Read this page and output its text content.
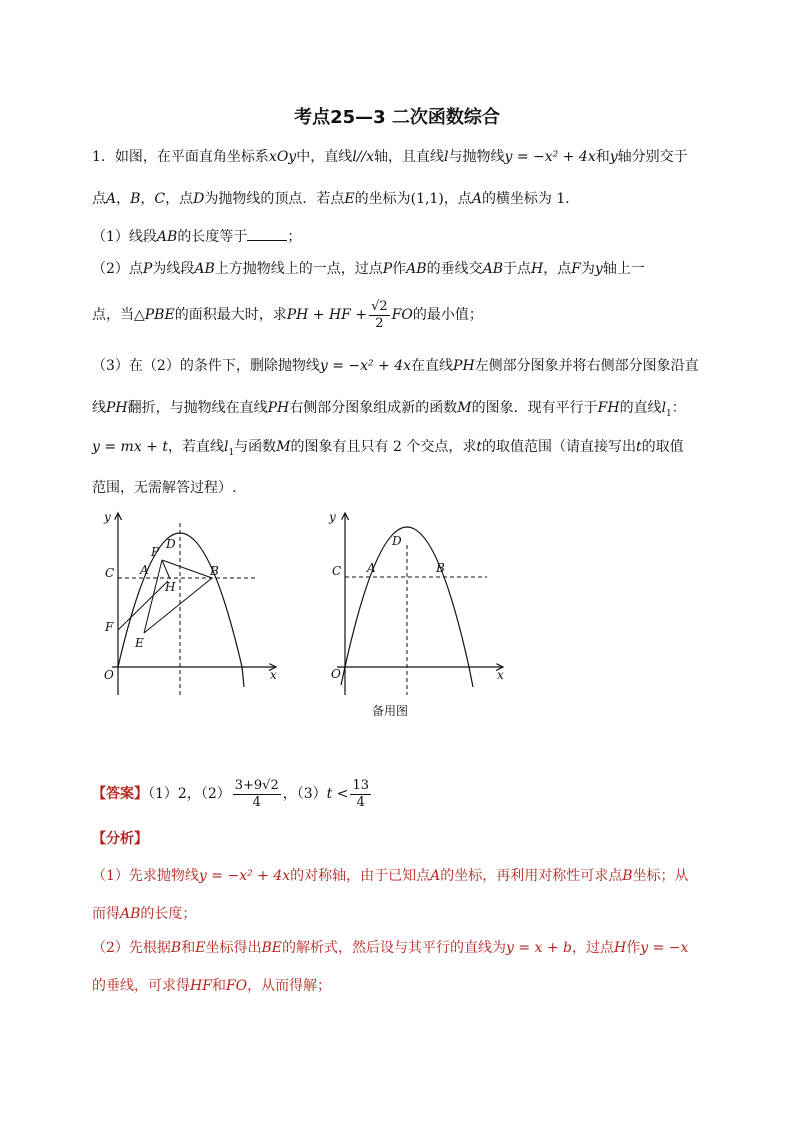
考点25—3 二次函数综合
1．如图，在平面直角坐标系xOy中，直线l//x轴，且直线l与抛物线y = −x² + 4x和y轴分别交于
点A，B，C，点D为抛物线的顶点．若点E的坐标为(1,1)，点A的横坐标为 1．
（1）线段AB的长度等于	；
（2）点P为线段AB上方抛物线上的一点，过点P作AB的垂线交AB于点H，点F为y轴上一
点，当△PBE的面积最大时，求PH + HF + $\frac{√2}{2}$ FO的最小值；
（3）在（2）的条件下，删除抛物线y = −x² + 4x在直线PH左侧部分图象并将右侧部分图象沿直
线PH翻折，与抛物线在直线PH右侧部分图象组成新的函数M的图象．现有平行于FH的直线$l_1$：
y = mx + t，若直线$l_1$与函数M的图象有且只有 2 个交点，求t的取值范围（请直接写出t的取值
范围，无需解答过程）.
y
D
P
C A	B
H
F
E
O	x
y
D
C A	B
O	x
备用图
【答案】（1）2，$(2) \frac{3+9√2}{4}$ ，$(3)t < \frac{13}{4}$
【分析】
（1）先求抛物线y = −x² + 4x的对称轴，由于已知点A的坐标，再利用对称性可求点B坐标；从
而得AB的长度；
（2）先根据B和E坐标得出BE的解析式，然后设与其平行的直线为y = x + b，过点H作y = −x
的垂线，可求得HF和FO，从而得解；
